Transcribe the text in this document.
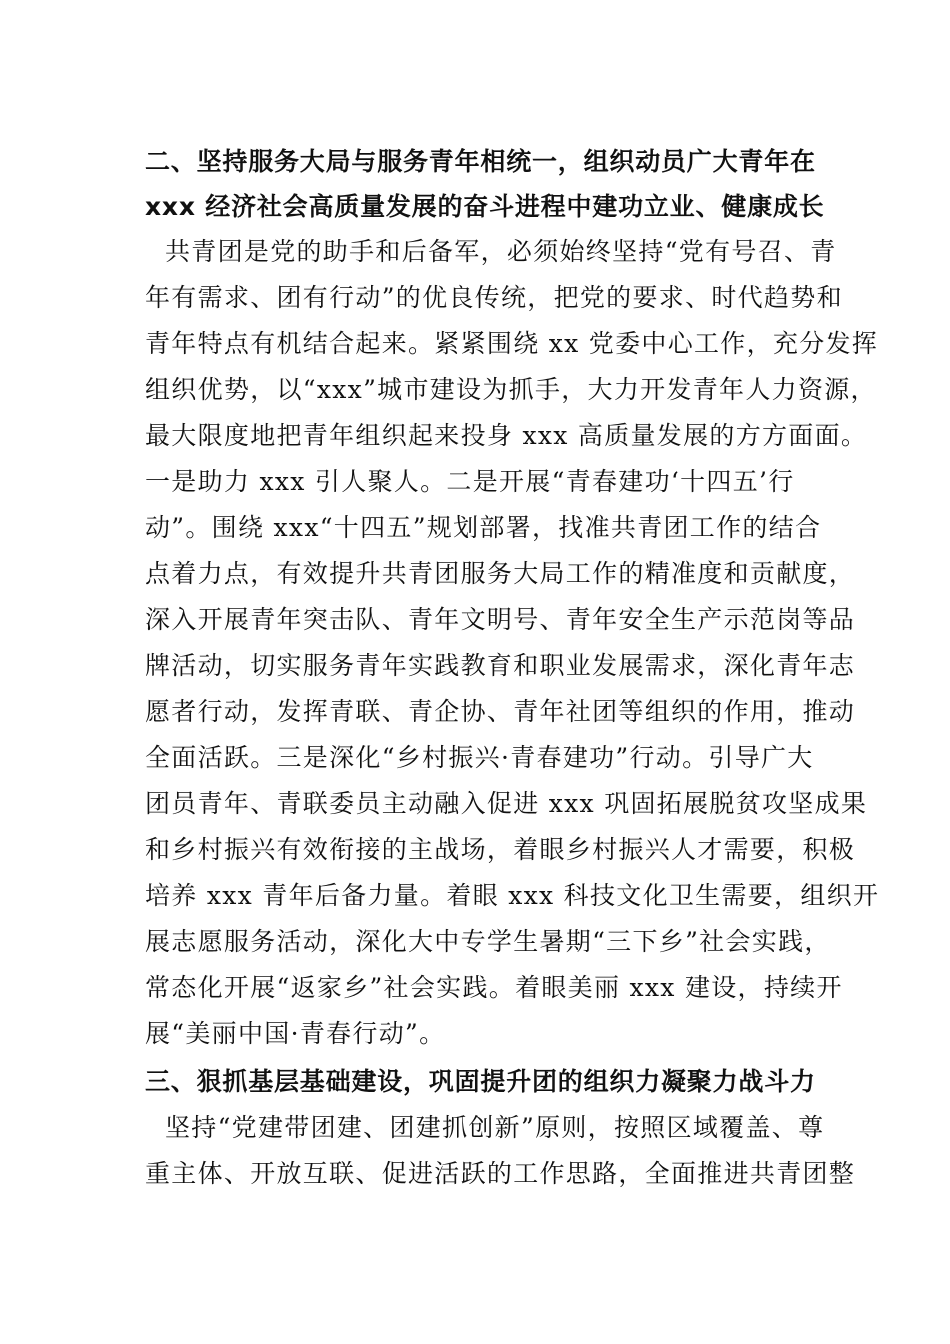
二、坚持服务大局与服务青年相统一，组织动员广大青年在
xxx 经济社会高质量发展的奋斗进程中建功立业、健康成长
共青团是党的助手和后备军，必须始终坚持“党有号召、青
年有需求、团有行动”的优良传统，把党的要求、时代趋势和
青年特点有机结合起来。紧紧围绕 xx 党委中心工作，充分发挥
组织优势，以“xxx”城市建设为抓手，大力开发青年人力资源，
最大限度地把青年组织起来投身 xxx 高质量发展的方方面面。
一是助力 xxx 引人聚人。二是开展“青春建功‘十四五’行
动”。围绕 xxx“十四五”规划部署，找准共青团工作的结合
点着力点，有效提升共青团服务大局工作的精准度和贡献度，
深入开展青年突击队、青年文明号、青年安全生产示范岗等品
牌活动，切实服务青年实践教育和职业发展需求，深化青年志
愿者行动，发挥青联、青企协、青年社团等组织的作用，推动
全面活跃。三是深化“乡村振兴·青春建功”行动。引导广大
团员青年、青联委员主动融入促进 xxx 巩固拓展脱贫攻坚成果
和乡村振兴有效衔接的主战场，着眼乡村振兴人才需要，积极
培养 xxx 青年后备力量。着眼 xxx 科技文化卫生需要，组织开
展志愿服务活动，深化大中专学生暑期“三下乡”社会实践，
常态化开展“返家乡”社会实践。着眼美丽 xxx 建设，持续开
展“美丽中国·青春行动”。
三、狠抓基层基础建设，巩固提升团的组织力凝聚力战斗力
坚持“党建带团建、团建抓创新”原则，按照区域覆盖、尊
重主体、开放互联、促进活跃的工作思路，全面推进共青团整
